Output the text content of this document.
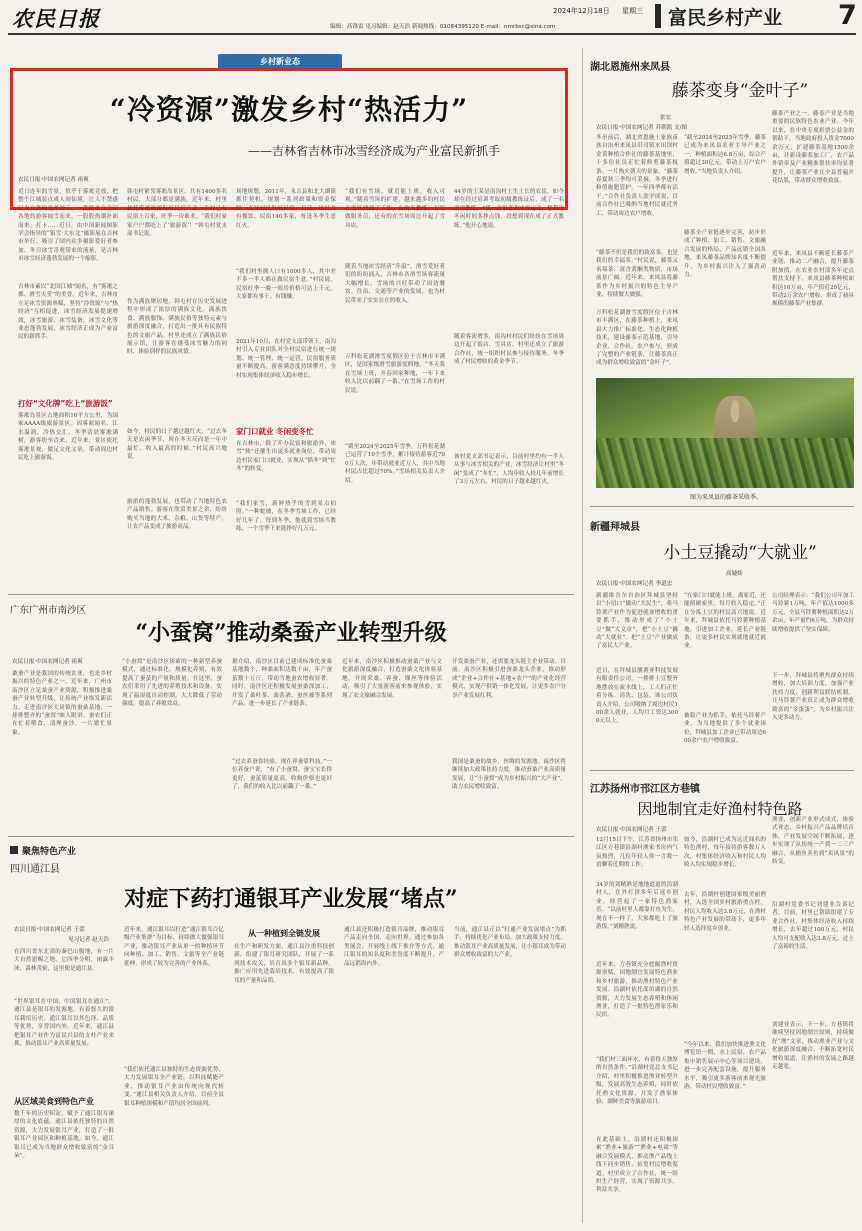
农民日报	2024年12月18日 星期三
编辑：高锋雷 见习编辑：赵天浩 新闻热线：01084395120 E-mail：nmrbsc@sina.com	富民乡村产业 7
乡村新业态
“冷资源”激发乡村“热活力”
——吉林省吉林市冰雪经济成为产业富民新抓手
农民日报·中国农网记者 祖爽
近日连年的雪景，似乎于雾凇竞放，把整个江城装点成人间仙境，让人不禁感叹大自然的鬼斧神工，一批批来自全国各地的游客闻雪而来，一股股热潮扑面而来。打卡……近日，由中国新闻图影学会指导的“银雪·大东北”摄影展在吉林市举行，吸引了国内众多摄影爱好者参加。冬日冰雪奇观带来的流量，是吉林市冰雪经济蓬勃发展的一个缩影。
吉林市素以“北国江城”闻名，有“雾凇之都、滑雪天堂”的美誉。近年来，吉林市立足冰雪资源禀赋，坚持“冷资源”与“热经济”互相促进，冰雪经济发展提速增效，冰雪旅游、冰雪装备、冰雪文化等业态蓬勃发展，冰雪经济正成为产业富民的新抓手。
打好“文化牌”吃上“旅游饭”
雾凇岛景区占地面积10平方公里，为国家AAAA级旅游景区。因雾凇闻名，江水温润，冷热交汇，冬季清晨雾凇满树，游客纷至沓来。近年来，景区依托雾凇景观，做足文化文章，带动周边村民吃上旅游饭。
韩屯村紧邻雾凇岛景区，共有1400多名村民，大部分都是满族。近年来，村里依托雾凇资源发展民宿产业，全村已有民宿上百家，旺季一房难求。“我们村家家户户都吃上了‘旅游饭’！”韩屯村党支部书记说。
作为满族聚居地，韩屯村在历史发展进程中形成了浓厚的满族文化。满族饮食、满族服饰、满族民俗等独特元素与旅游深度融合，打造出一批具有民族特色的文旅产品。村里还成立了满族民俗展示馆，让游客在感受冰雪魅力的同时，体验别样的民族风情。
如今，村民的日子越过越红火。“过去冬天是农闲季节，现在冬天反而是一年中最忙、收入最高的时候。”村民高兴地说。
旅游的蓬勃发展，也带动了当地特色农产品销售。游客在欣赏美景之余，纷纷购买当地的大米、杂粮、山货等特产，让农产品变成了旅游商品。
场地规划，2011年，永吉县和北大湖镇抓住契机，规划一系列政策和资金保障，支持村民发展民宿。目前，该村共有餐饮、民宿140多家，每逢冬季生意红火。
“我们村坐拥人口有1000多人，其中差不多一半人都在做民宿生意。”村民说，民宿旺季一晚一间房价格可达上千元，大家都有事干、有钱赚。
2021年10月，在村党支部带领下，南沟村引入专业团队对全村民宿进行统一规划、统一管理、统一运营，民宿服务质量不断提高，游客满意度持续攀升，全村实现集体经济收入稳步增长。
家门口就业 冬闲变冬忙
在吉林市，除了开办民宿和旅游外，冰雪“热”还催生出更多就业岗位，带动周边村民家门口就业，实现从“猫冬”到“忙冬”的转变。
“我们家雪，新鲜热乎的雪到景点拍照。”一种蛇坡，在冬季雪场工作，已经好几年了。每到冬季，他就到雪场当教练，一个雪季下来能挣好几万元。
“我们有雪场，就近能上班，收入可观。”随着雪场的扩建，越来越多的村民在雪场找到了工作，有的当教练，有的做服务员，还有的在雪场周边开起了雪具店。
随着当地冰雪经济“升温”，滑雪爱好者们的纷纷涌入，吉林市各滑雪场客流量大幅增长。雪场的兴旺带动了周边餐饮、住宿、交通等产业的发展，也为村民带来了实实在在的收入。
万科松花湖滑雪度假区位于吉林市丰满区，是国家级滑雪旅游度假地。“冬天我在雪场上班，开春回家种地，一年下来收入比以前翻了一番。”在雪场工作的村民说。
“截至2024至2025年雪季，万科松花湖已运营了10个雪季，累计接待游客近700万人次，年带动就业近万人，其中当地村民占比超过70%。”雪场相关负责人介绍。
44岁的王某是南沟村土生土长的农民，如今却在经过培训考取初级教练证后，成了一名滑雪教练。“我一直很喜欢冰雪运动，想利用冬闲时间多挣点钱，没想到现在成了正式教练。”他开心地说。
随着客流增多，南沟村村民们纷纷在雪场周边开起了饭店、雪具店，村里还成立了旅游合作社，统一组织村民参与接待服务。冬季成了村民增收的黄金季节。
该村党支部书记表示，目前村里约有一半人从事与冰雪相关的产业，冰雪经济让村里“冬闲”变成了“冬忙”，人均年收入较几年前增长了3万元左右，村民的日子越来越红火。
湖北恩施州来凤县
藤茶变身“金叶子”
张宏
农民日报·中国农网记者 苏朝凯 文/图
冬至前后，湖北省恩施土家族苗族自治州来凤县旧司镇水田坝村金黄种植合作社的藤茶基地里，十多位社员正忙着修剪藤茶枝条。一片热火朝天的景象，“藤茶春夏秋三季均可采摘，冬季进行修剪施肥管护，一年四季都有活干。”合作社负责人张学成说，目前合作社已吸纳当地村民就近务工，带动周边农户增收。
“藤茶不但是我们的致富茶，也是我们的幸福茶。”村民说，藤茶又名莓茶，富含黄酮类物质，市场前景广阔。近年来，来凤县将藤茶作为乡村振兴的特色主导产业，持续做大做强。
万科松花湖滑雪度假区位于吉林市丰满区，在藤茶种植上，来凤县大力推广标准化、生态化种植技术，建设藤茶示范基地，引导企业、合作社、农户参与，形成了完整的产业链条，让藤茶真正成为群众增收致富的“金叶子”。
“截至2024至2025年雪季，藤茶已成为来凤县农业主导产业之一，种植面积达6.8万亩，综合产值超过30亿元，带动上万户农户增收。”当地负责人介绍。
藤茶全产业链逐步完善，初步形成了种植、加工、销售、文旅融合发展的格局，产品远销全国各地，来凤藤茶品牌知名度不断提升，为乡村振兴注入了强劲动力。
藤茶产业之一，藤茶产业是当地重要的民族特色农业产业。今年以来，在中央专项彩票公益金的帮助下，当地政府投入资金7000余万元，扩建藤茶基地1500余亩，并新设藤茶加工厂，农产品外销率及产业精准帮扶率均显著提升，让藤茶产业在全县普遍开花结果，带动群众增收致富。
近年来，来凤县不断延长藤茶产业链，推动二产融合，提升藤茶附加值，在农业农村部多年定点帮扶支持下，来凤县藤茶种植面积达10万亩，年产值近20亿元，带动2万余农户增收，形成了初具规模的藤茶产业集群。
图为来凤县的藤茶采收季。
新疆拜城县
小土豆撬动“大就业”
高婕娇
农民日报·中国农网记者 李道忠
新疆维吾尔自治区拜城县坚持以“小切口”撬动“大民生”，将马铃薯产业作为促进就业增收的重要抓手，推动形成了“小土豆”做“大文章”，把“小土豆”撬动“大就业”。把“土豆”产业做成了富民大产业。
近日，在拜城县靓薯业科技发展有限责任公司，一排排土豆整齐地摆放在流水线上，工人们正忙着分拣、清洗、包装。该公司负责人介绍，公司吸纳了周边村民100余人就业，人均月工资达3000元以上。
“在家门口就能上班，离家近，还能照顾家里，每月收入稳定。”正在分拣土豆的村民高兴地说。近年来，拜城县依托马铃薯种植基地，引进加工企业，延长产业链条，让更多村民实现就地就近就业。
被稳产业为抓手，依托马铃薯产业，为当地提供了多个就业岗位，拜城县加工企业已带动周边600余户农户增收致富。
公司经理表示：“我们公司年加工马铃薯1万吨，年产值达1000多万元。全县马铃薯种植面积达2万余亩，年产量约6万吨，为群众持续增收提供了坚实保障。
下一步，拜城县将聚焦群众持续增收，加大培训力度，加强产业扶持力度，创新利益联结机制，让马铃薯产业真正成为群众增收致富的“金蛋蛋”，为乡村振兴注入更多动力。
江苏扬州市邗江区方巷镇
因地制宜走好渔村特色路
农民日报·中国农网记者 王蕾
12月15日下午，江苏省扬州市邗江区方巷镇沿湖村渔家书房内气氛热烈，几位年轻人你一言我一语聊着近期的工作。
34岁的刘精熟是地地道道的沿湖村人，在外打拼多年后返乡创业，经营起了一家特色渔家乐。“以前村里人都靠打鱼为生，现在不一样了，大家都吃上了旅游饭。”刘精熟说。
近年来，方巷镇充分挖掘渔村资源禀赋，因地制宜发展特色渔业和乡村旅游，推动渔村特色产业发展。沿湖村依托邵伯湖的自然资源，大力发展生态养殖和休闲渔业，打造了一批特色渔家乐和民宿。
“我们村三面环水，有着得天独厚的自然条件。”沿湖村党总支书记介绍，村里积极推进渔业转型升级，发展高效生态养殖，同时依托渔文化资源，开发了渔家体验、湖鲜美食等旅游项目。
在此基础上，沿湖村还积极探索“渔业+旅游”“渔业+电商”等融合发展模式，推动渔产品线上线下同步销售，拓宽村民增收渠道。村里成立了合作社，统一组织生产经营，实现了资源共享、利益共享。
如今，沿湖村已成为远近闻名的特色渔村，每年接待游客数万人次，村集体经济收入和村民人均收入均实现稳步增长。
去年，沿湖村创建国家级美丽渔村，入选全国乡村旅游重点村，村民人均收入达3.8万元，在渔村特色产业发展的带动下，更多年轻人选择返乡创业。
“今年以来，我们加快推进渔文化博览馆一期、水上民宿、农产品集中销售展示中心等项目建设，进一步完善配套设施，提升服务水平，吸引更多游客前来观光旅游，带动村民增收致富。”
渔业，创新产业形式成式，体验式业态，乡村振兴产品品牌培育体，产业发展空间不断拓展，逐步实现了从传统一产到一二三产融合，从捕鱼卖鱼到“卖风景”的转变。
沿湖村党委书记刘建业告诉记者，目前，村里已帮助组建了专业合作社，村集体经济收入持续增长，去年超过100万元，村民人均可支配收入达3.8万元，过上了富裕的生活。
刘建业表示，下一步，方巷镇将继续坚持因地制宜原则，持续做好“渔”文章，推动渔业产业与文化旅游深度融合，不断拓宽村民增收渠道，让渔村的发展之路越走越宽。
广东广州市南沙区
“小蚕窝”推动桑蚕产业转型升级
农民日报·中国农网记者 祖爽
桑蚕产业是我国的传统农业，也是乡村振兴的特色产业之一。近年来，广州市南沙区立足桑蚕产业资源，积极推进桑蚕产业转型升级，让传统产业焕发新活力。走进南沙区大岗镇的蚕桑基地，一排排整齐的“蚕窝”映入眼帘。蚕农们正在忙着喂食、清理蚕沙，一片繁忙景象。
“小蚕窝”是南沙区探索的一种新型养蚕模式，通过标准化、规模化养殖，有效提高了蚕茧的产量和质量。在这里，蚕农们采用了先进的养殖技术和设备，实现了温湿度自动控制，大大降低了劳动强度，提高了养殖效益。
据介绍，南沙区目前已建成标准化蚕桑基地数个，种桑面积达数千亩，年产蚕茧数十万斤，带动当地蚕农增收显著。同时，南沙区还积极发展蚕桑深加工，开发了桑叶茶、桑葚酒、蚕丝被等系列产品，进一步延长了产业链条。
“过去养蚕靠经验，现在养蚕靠科技。”一位养蚕户说，“有了小蚕窝，蚕宝宝长得更好，蚕茧质量更高，收购价格也更好了，我们的收入比以前翻了一番。”
近年来，南沙区积极推动蚕桑产业与文化旅游深度融合，打造蚕桑文化体验基地，开展采桑、养蚕、缫丝等体验活动，吸引了大量游客前来参观体验，实现了农文旅融合发展。
开发桑蚕产业，还需要龙头链主企业带动。目前，南沙区积极引进蚕桑龙头企业，推动形成“企业+合作社+基地+农户”的产业化经营模式，实现产供销一体化发展，让更多农户分享产业发展红利。
我国是桑蚕的故乡，丝绸的发源地。南沙区将继续加大政策扶持力度，推动蚕桑产业高质量发展，让“小蚕窝”成为乡村振兴的“大产业”，助力农民增收致富。
聚焦特色产业
四川通江县
对症下药打通银耳产业发展“堵点”
农民日报·中国农网记者 王蕾
见习记者 赵天浩
在四川省东北部的秦巴山腹地，有一片大自然恩赐之地，它四季分明，雨露丰沛，森林茂密，这里便是通江县。
“世界银耳在中国，中国银耳在通江”。通江县是银耳的发源地，有着悠久的银耳栽培历史。通江银耳以其色泽、品质等优势，享誉国内外。近年来，通江县把银耳产业作为富民兴县的支柱产业来抓，推动银耳产业高质量发展。
从区域美食到特色产业
数千年的历史积淀，赋予了通江银耳深厚的文化底蕴。通江县依托独特的自然资源，大力发展银耳产业，打造了一批银耳产业园区和种植基地。如今，通江银耳已成为当地群众增收致富的“金耳朵”。
近年来，通江银耳以打造“通江银耳百亿级产业集群”为目标，持续做大做强银耳产业，推动银耳产业从单一的种植环节向种植、加工、销售、文旅等全产业链延伸，形成了较为完善的产业体系。
“我们依托通江县独特的生态资源优势，大力发展银耳全产业链，以科技赋能产业，推动银耳产业由传统向现代转变。”通江县相关负责人介绍，目前全县银耳种植规模和产值均居全国前列。
从一种植到全链发展
在生产和研发方面，通江县注重科技创新，组建了银耳研究团队，开展了一系列技术攻关，培育出多个银耳新品种，推广应用先进栽培技术，有效提高了银耳的产量和品质。
通江县还积极打造银耳品牌，推动银耳产品走向全国、走向世界。通过参加各类展会、开展线上线下推介等方式，通江银耳的知名度和美誉度不断提升，产品远销海内外。
当前，通江县正以“打通产业发展堵点”为抓手，持续优化产业布局，加大政策支持力度，推动银耳产业高质量发展，让小银耳成为带动群众增收致富的大产业。
